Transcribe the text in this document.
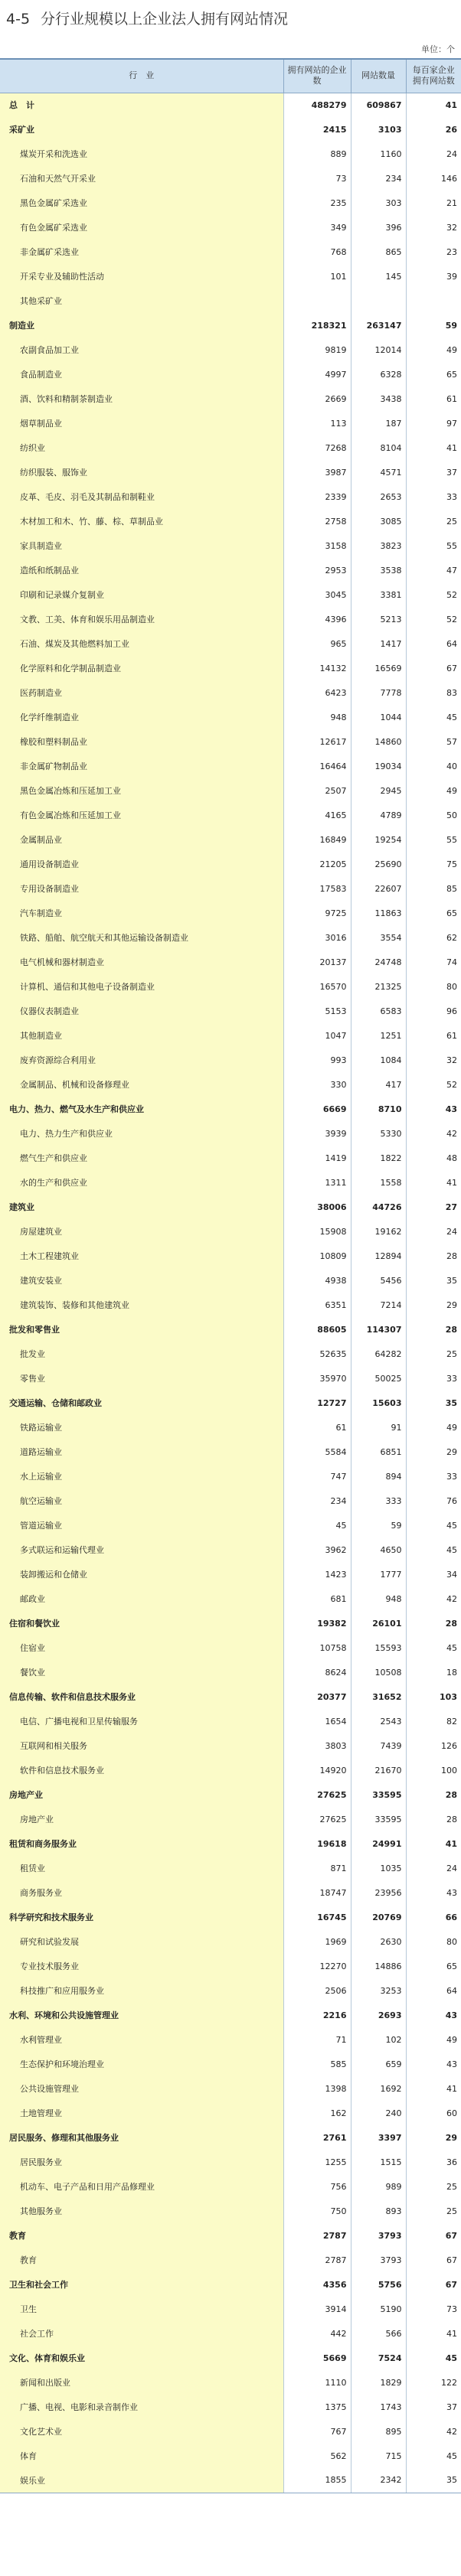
4-5 分行业规模以上企业法人拥有网站情况
单位：个
行　业	拥有网站的企业数	网站数量	每百家企业拥有网站数
总　计	488279	609867	41
采矿业	2415	3103	26
煤炭开采和洗选业	889	1160	24
石油和天然气开采业	73	234	146
黑色金属矿采选业	235	303	21
有色金属矿采选业	349	396	32
非金属矿采选业	768	865	23
开采专业及辅助性活动	101	145	39
其他采矿业			
制造业	218321	263147	59
农副食品加工业	9819	12014	49
食品制造业	4997	6328	65
酒、饮料和精制茶制造业	2669	3438	61
烟草制品业	113	187	97
纺织业	7268	8104	41
纺织服装、服饰业	3987	4571	37
皮革、毛皮、羽毛及其制品和制鞋业	2339	2653	33
木材加工和木、竹、藤、棕、草制品业	2758	3085	25
家具制造业	3158	3823	55
造纸和纸制品业	2953	3538	47
印刷和记录媒介复制业	3045	3381	52
文教、工美、体育和娱乐用品制造业	4396	5213	52
石油、煤炭及其他燃料加工业	965	1417	64
化学原料和化学制品制造业	14132	16569	67
医药制造业	6423	7778	83
化学纤维制造业	948	1044	45
橡胶和塑料制品业	12617	14860	57
非金属矿物制品业	16464	19034	40
黑色金属冶炼和压延加工业	2507	2945	49
有色金属冶炼和压延加工业	4165	4789	50
金属制品业	16849	19254	55
通用设备制造业	21205	25690	75
专用设备制造业	17583	22607	85
汽车制造业	9725	11863	65
铁路、船舶、航空航天和其他运输设备制造业	3016	3554	62
电气机械和器材制造业	20137	24748	74
计算机、通信和其他电子设备制造业	16570	21325	80
仪器仪表制造业	5153	6583	96
其他制造业	1047	1251	61
废弃资源综合利用业	993	1084	32
金属制品、机械和设备修理业	330	417	52
电力、热力、燃气及水生产和供应业	6669	8710	43
电力、热力生产和供应业	3939	5330	42
燃气生产和供应业	1419	1822	48
水的生产和供应业	1311	1558	41
建筑业	38006	44726	27
房屋建筑业	15908	19162	24
土木工程建筑业	10809	12894	28
建筑安装业	4938	5456	35
建筑装饰、装修和其他建筑业	6351	7214	29
批发和零售业	88605	114307	28
批发业	52635	64282	25
零售业	35970	50025	33
交通运输、仓储和邮政业	12727	15603	35
铁路运输业	61	91	49
道路运输业	5584	6851	29
水上运输业	747	894	33
航空运输业	234	333	76
管道运输业	45	59	45
多式联运和运输代理业	3962	4650	45
装卸搬运和仓储业	1423	1777	34
邮政业	681	948	42
住宿和餐饮业	19382	26101	28
住宿业	10758	15593	45
餐饮业	8624	10508	18
信息传输、软件和信息技术服务业	20377	31652	103
电信、广播电视和卫星传输服务	1654	2543	82
互联网和相关服务	3803	7439	126
软件和信息技术服务业	14920	21670	100
房地产业	27625	33595	28
房地产业	27625	33595	28
租赁和商务服务业	19618	24991	41
租赁业	871	1035	24
商务服务业	18747	23956	43
科学研究和技术服务业	16745	20769	66
研究和试验发展	1969	2630	80
专业技术服务业	12270	14886	65
科技推广和应用服务业	2506	3253	64
水利、环境和公共设施管理业	2216	2693	43
水利管理业	71	102	49
生态保护和环境治理业	585	659	43
公共设施管理业	1398	1692	41
土地管理业	162	240	60
居民服务、修理和其他服务业	2761	3397	29
居民服务业	1255	1515	36
机动车、电子产品和日用产品修理业	756	989	25
其他服务业	750	893	25
教育	2787	3793	67
教育	2787	3793	67
卫生和社会工作	4356	5756	67
卫生	3914	5190	73
社会工作	442	566	41
文化、体育和娱乐业	5669	7524	45
新闻和出版业	1110	1829	122
广播、电视、电影和录音制作业	1375	1743	37
文化艺术业	767	895	42
体育	562	715	45
娱乐业	1855	2342	35
